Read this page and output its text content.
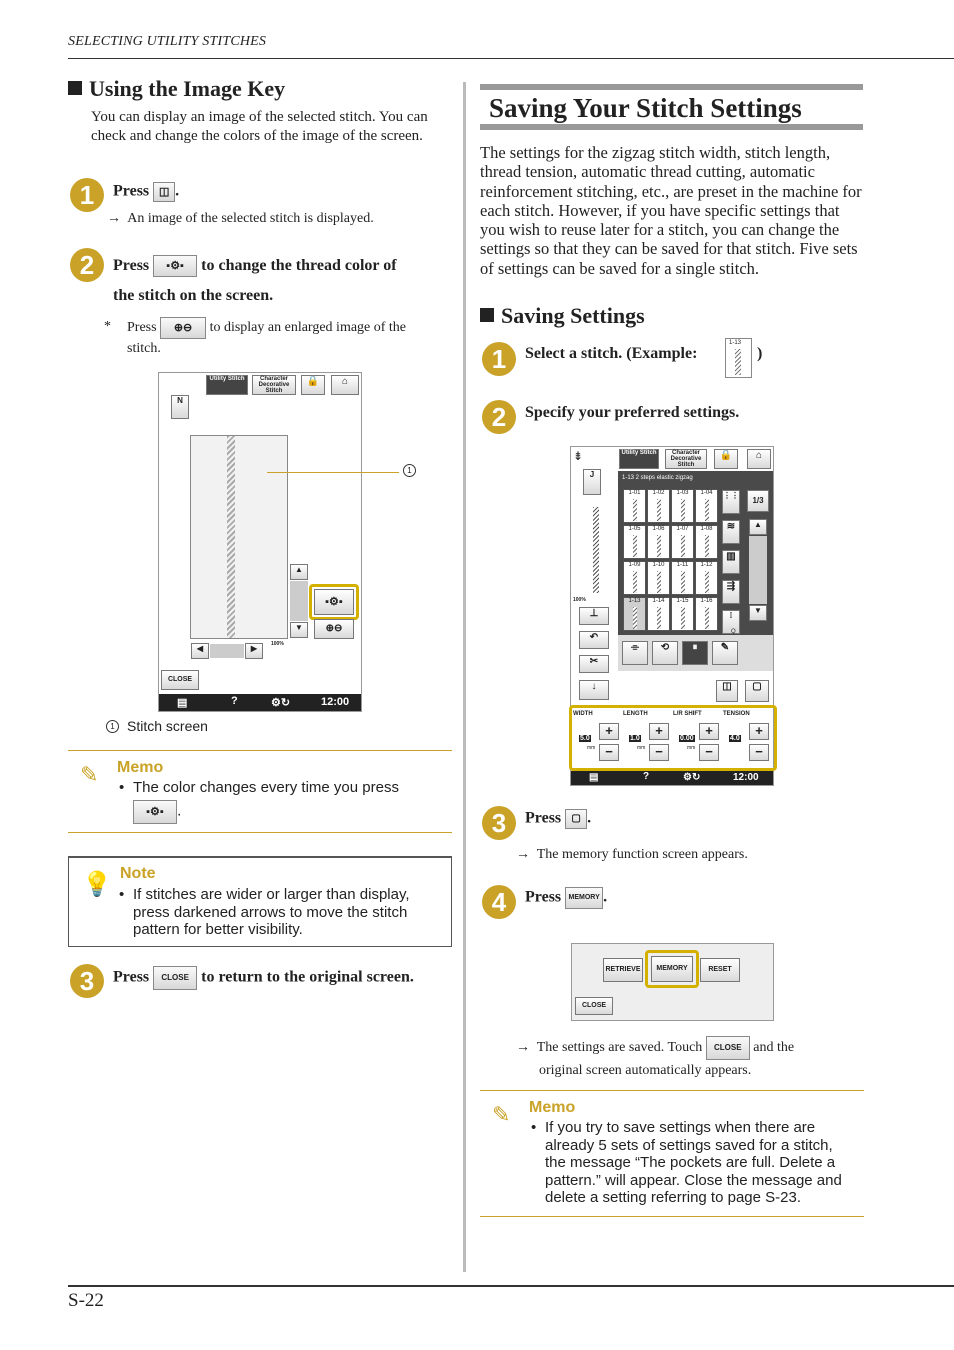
SELECTING UTILITY STITCHES
Using the Image Key
You can display an image of the selected stitch. You can check and change the colors of the image of the screen.
1	Press ◫ .
→ An image of the selected stitch is displayed.
2	Press ▪⚙▪ to change the thread color of
the stitch on the screen.
* Press ⊕⊖ to display an enlarged image of the
stitch.
Utility Stitch	Character Decorative Stitch
🔒	⌂
N
▲
▼
▪⚙▪
⊕⊖
100%
◀	▶
CLOSE
▤	?	⚙↻	12:00
1
1 Stitch screen
✎ Memo
• The color changes every time you press
▪⚙▪ .
💡 Note
• If stitches are wider or larger than display, press darkened arrows to move the stitch pattern for better visibility.
3	Press CLOSE to return to the original screen.
Saving Your Stitch Settings
The settings for the zigzag stitch width, stitch length, thread tension, automatic thread cutting, automatic reinforcement stitching, etc., are preset in the machine for each stitch. However, if you have specific settings that you wish to reuse later for a stitch, you can change the settings so that they can be saved for that stitch. Five sets of settings can be saved for a single stitch.
Saving Settings
1	Select a stitch. (Example:
1-13
)
2	Specify your preferred settings.
⇟	Utility Stitch	Character Decorative Stitch
🔒	⌂
J
100%
1-13 2 steps elastic zigzag
1-01	1-02	1-03	1-04
1-05	1-06	1-07	1-08
1-09	1-10	1-11	1-12
1-13	1-14	1-15	1-16
⋮⋮
≋
▥
⇶
⁞
Q
1/3
▲
▼
⌯	⟲	⏸	✎
⊥
↶
✂
↓	◫	▢
WIDTH
5.0
mm
+
−
LENGTH
1.0
mm
+
−
L/R SHIFT
0.00
mm
+
−
TENSION
4.0
+
−
▤	?	⚙↻	12:00
3	Press ▢ .
→ The memory function screen appears.
4	Press MEMORY .
RETRIEVE	MEMORY	RESET
CLOSE
→ The settings are saved. Touch CLOSE and the
original screen automatically appears.
✎ Memo
• If you try to save settings when there are already 5 sets of settings saved for a stitch, the message “The pockets are full. Delete a pattern.” will appear. Close the message and delete a setting referring to page S-23.
S-22
